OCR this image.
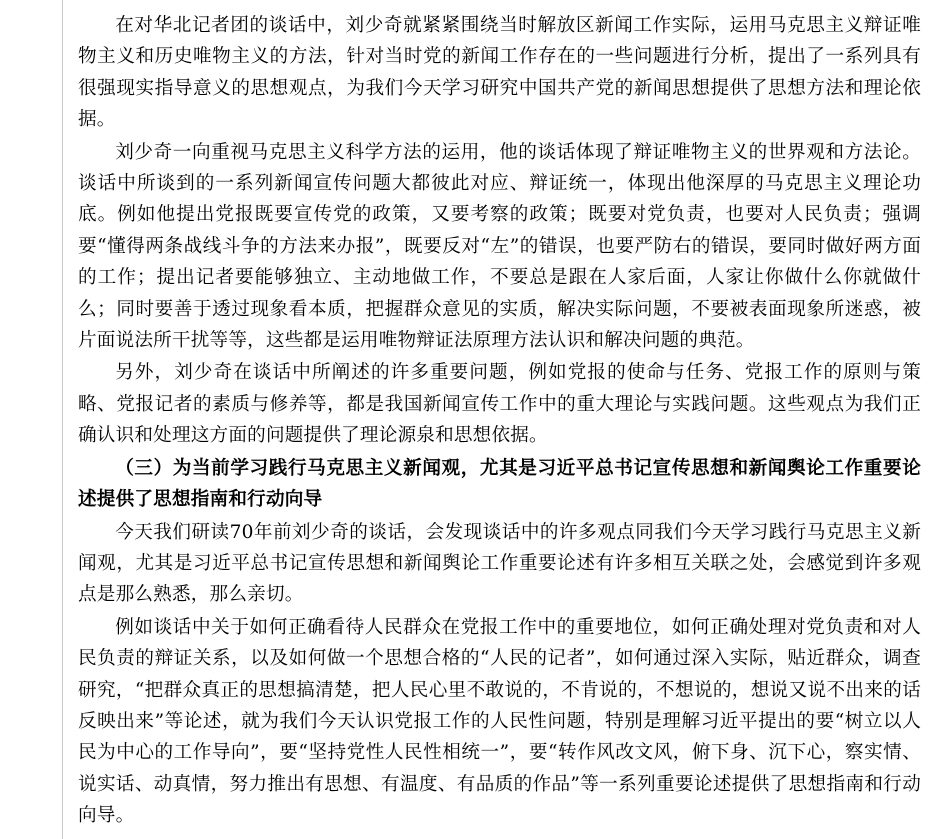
在对华北记者团的谈话中，刘少奇就紧紧围绕当时解放区新闻工作实际，运用马克思主义辩证唯物主义和历史唯物主义的方法，针对当时党的新闻工作存在的一些问题进行分析，提出了一系列具有很强现实指导意义的思想观点，为我们今天学习研究中国共产党的新闻思想提供了思想方法和理论依据。

刘少奇一向重视马克思主义科学方法的运用，他的谈话体现了辩证唯物主义的世界观和方法论。谈话中所谈到的一系列新闻宣传问题大都彼此对应、辩证统一，体现出他深厚的马克思主义理论功底。例如他提出党报既要宣传党的政策，又要考察的政策；既要对党负责，也要对人民负责；强调要“懂得两条战线斗争的方法来办报”，既要反对“左”的错误，也要严防右的错误，要同时做好两方面的工作；提出记者要能够独立、主动地做工作，不要总是跟在人家后面，人家让你做什么你就做什么；同时要善于透过现象看本质，把握群众意见的实质，解决实际问题，不要被表面现象所迷惑，被片面说法所干扰等等，这些都是运用唯物辩证法原理方法认识和解决问题的典范。

另外，刘少奇在谈话中所阐述的许多重要问题，例如党报的使命与任务、党报工作的原则与策略、党报记者的素质与修养等，都是我国新闻宣传工作中的重大理论与实践问题。这些观点为我们正确认识和处理这方面的问题提供了理论源泉和思想依据。

（三）为当前学习践行马克思主义新闻观，尤其是习近平总书记宣传思想和新闻舆论工作重要论述提供了思想指南和行动向导

今天我们研读70年前刘少奇的谈话，会发现谈话中的许多观点同我们今天学习践行马克思主义新闻观，尤其是习近平总书记宣传思想和新闻舆论工作重要论述有许多相互关联之处，会感觉到许多观点是那么熟悉，那么亲切。

例如谈话中关于如何正确看待人民群众在党报工作中的重要地位，如何正确处理对党负责和对人民负责的辩证关系，以及如何做一个思想合格的“人民的记者”，如何通过深入实际，贴近群众，调查研究，“把群众真正的思想搞清楚，把人民心里不敢说的，不肯说的，不想说的，想说又说不出来的话反映出来”等论述，就为我们今天认识党报工作的人民性问题，特别是理解习近平提出的要“树立以人民为中心的工作导向”，要“坚持党性人民性相统一”，要“转作风改文风，俯下身、沉下心，察实情、说实话、动真情，努力推出有思想、有温度、有品质的作品”等一系列重要论述提供了思想指南和行动向导。
